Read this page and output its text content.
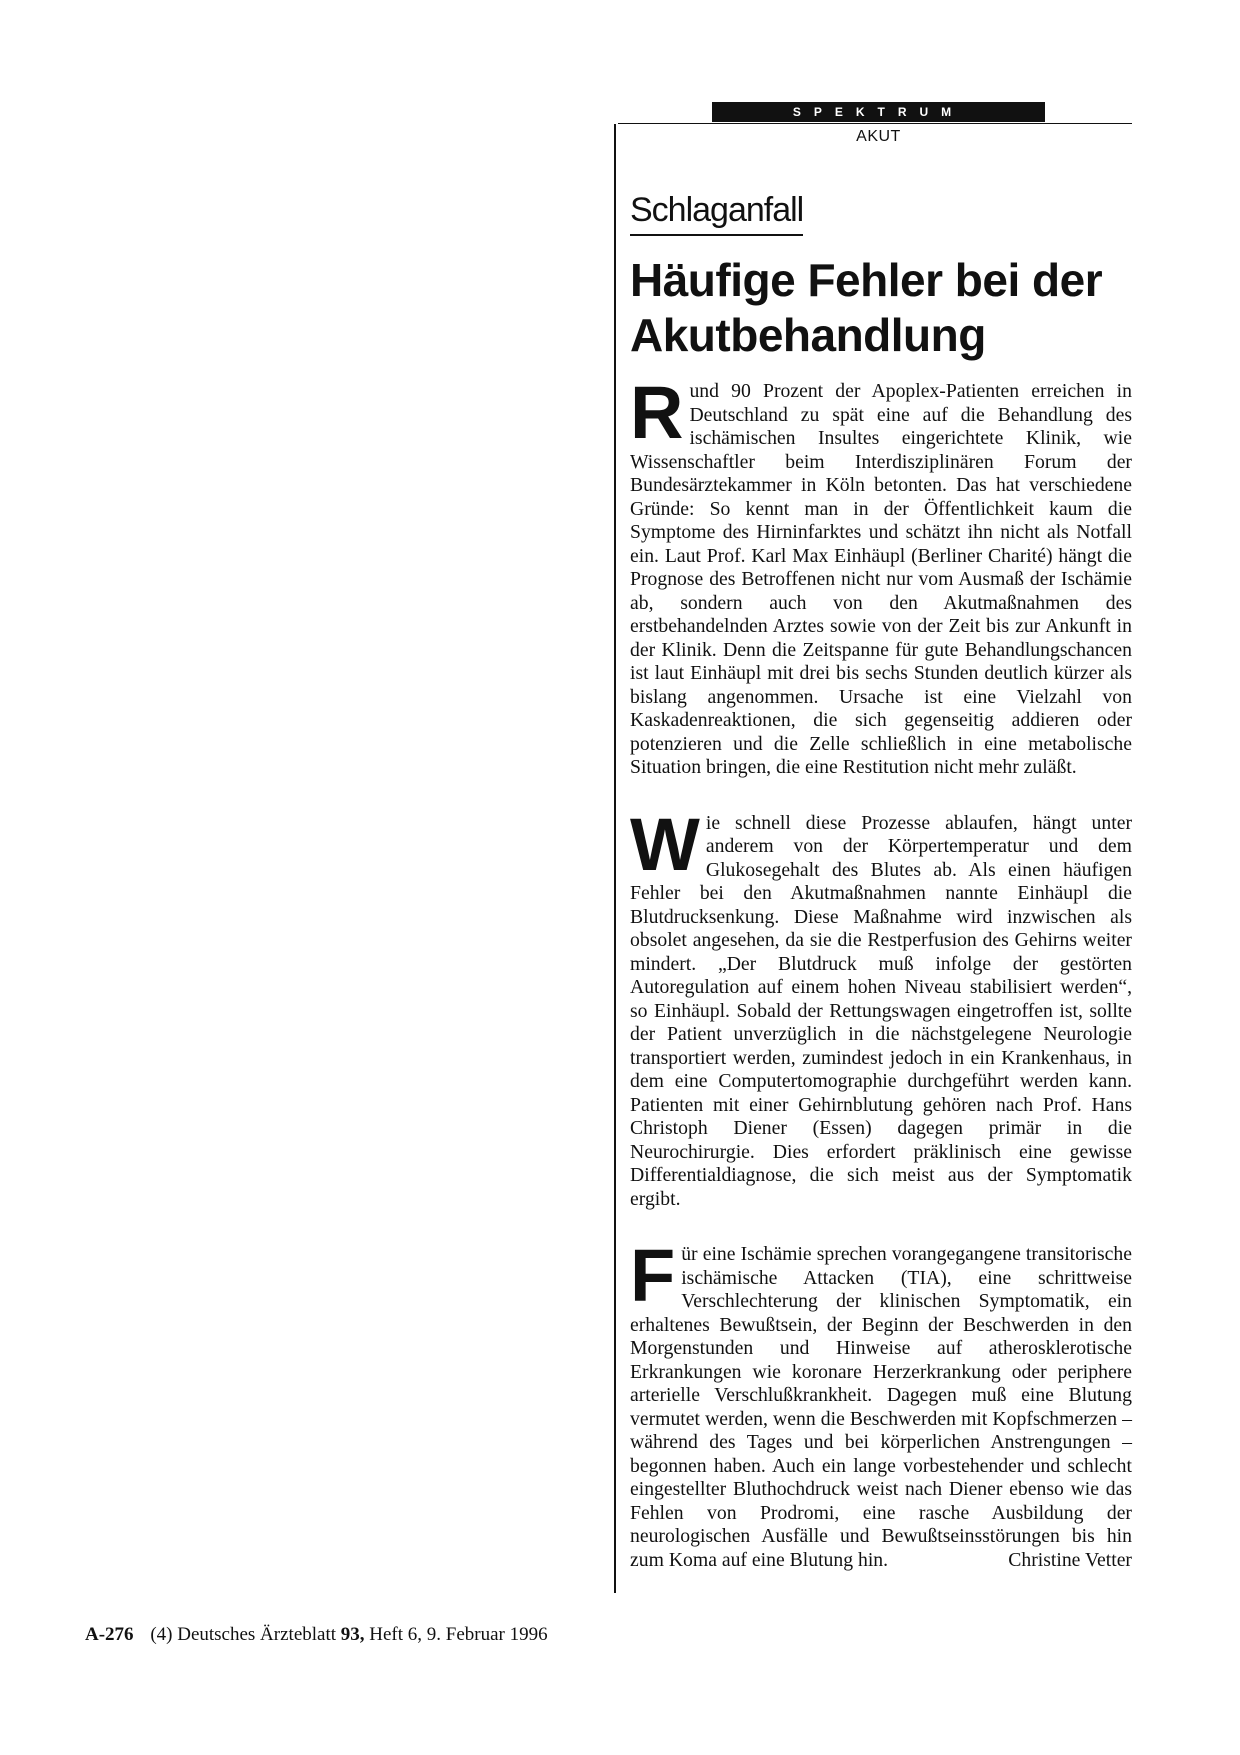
SPEKTRUM
AKUT
Schlaganfall
Häufige Fehler bei der Akutbehandlung

Rund 90 Prozent der Apoplex-Patienten erreichen in Deutschland zu spät eine auf die Behandlung des ischämischen Insultes eingerichtete Klinik, wie Wissenschaftler beim Interdisziplinären Forum der Bundesärztekammer in Köln betonten. Das hat verschiedene Gründe: So kennt man in der Öffentlichkeit kaum die Symptome des Hirninfarktes und schätzt ihn nicht als Notfall ein. Laut Prof. Karl Max Einhäupl (Berliner Charité) hängt die Prognose des Betroffenen nicht nur vom Ausmaß der Ischämie ab, sondern auch von den Akutmaßnahmen des erstbehandelnden Arztes sowie von der Zeit bis zur Ankunft in der Klinik. Denn die Zeitspanne für gute Behandlungschancen ist laut Einhäupl mit drei bis sechs Stunden deutlich kürzer als bislang angenommen. Ursache ist eine Vielzahl von Kaskadenreaktionen, die sich gegenseitig addieren oder potenzieren und die Zelle schließlich in eine metabolische Situation bringen, die eine Restitution nicht mehr zuläßt.

Wie schnell diese Prozesse ablaufen, hängt unter anderem von der Körpertemperatur und dem Glukosegehalt des Blutes ab. Als einen häufigen Fehler bei den Akutmaßnahmen nannte Einhäupl die Blutdrucksenkung. Diese Maßnahme wird inzwischen als obsolet angesehen, da sie die Restperfusion des Gehirns weiter mindert. „Der Blutdruck muß infolge der gestörten Autoregulation auf einem hohen Niveau stabilisiert werden“, so Einhäupl. Sobald der Rettungswagen eingetroffen ist, sollte der Patient unverzüglich in die nächstgelegene Neurologie transportiert werden, zumindest jedoch in ein Krankenhaus, in dem eine Computertomographie durchgeführt werden kann. Patienten mit einer Gehirnblutung gehören nach Prof. Hans Christoph Diener (Essen) dagegen primär in die Neurochirurgie. Dies erfordert präklinisch eine gewisse Differentialdiagnose, die sich meist aus der Symptomatik ergibt.

Für eine Ischämie sprechen vorangegangene transitorische ischämische Attacken (TIA), eine schrittweise Verschlechterung der klinischen Symptomatik, ein erhaltenes Bewußtsein, der Beginn der Beschwerden in den Morgenstunden und Hinweise auf atherosklerotische Erkrankungen wie koronare Herzerkrankung oder periphere arterielle Verschlußkrankheit. Dagegen muß eine Blutung vermutet werden, wenn die Beschwerden mit Kopfschmerzen – während des Tages und bei körperlichen Anstrengungen – begonnen haben. Auch ein lange vorbestehender und schlecht eingestellter Bluthochdruck weist nach Diener ebenso wie das Fehlen von Prodromi, eine rasche Ausbildung der neurologischen Ausfälle und Bewußtseinsstörungen bis hin zum Koma auf eine Blutung hin.	Christine Vetter

A-276 (4) Deutsches Ärzteblatt 93, Heft 6, 9. Februar 1996
